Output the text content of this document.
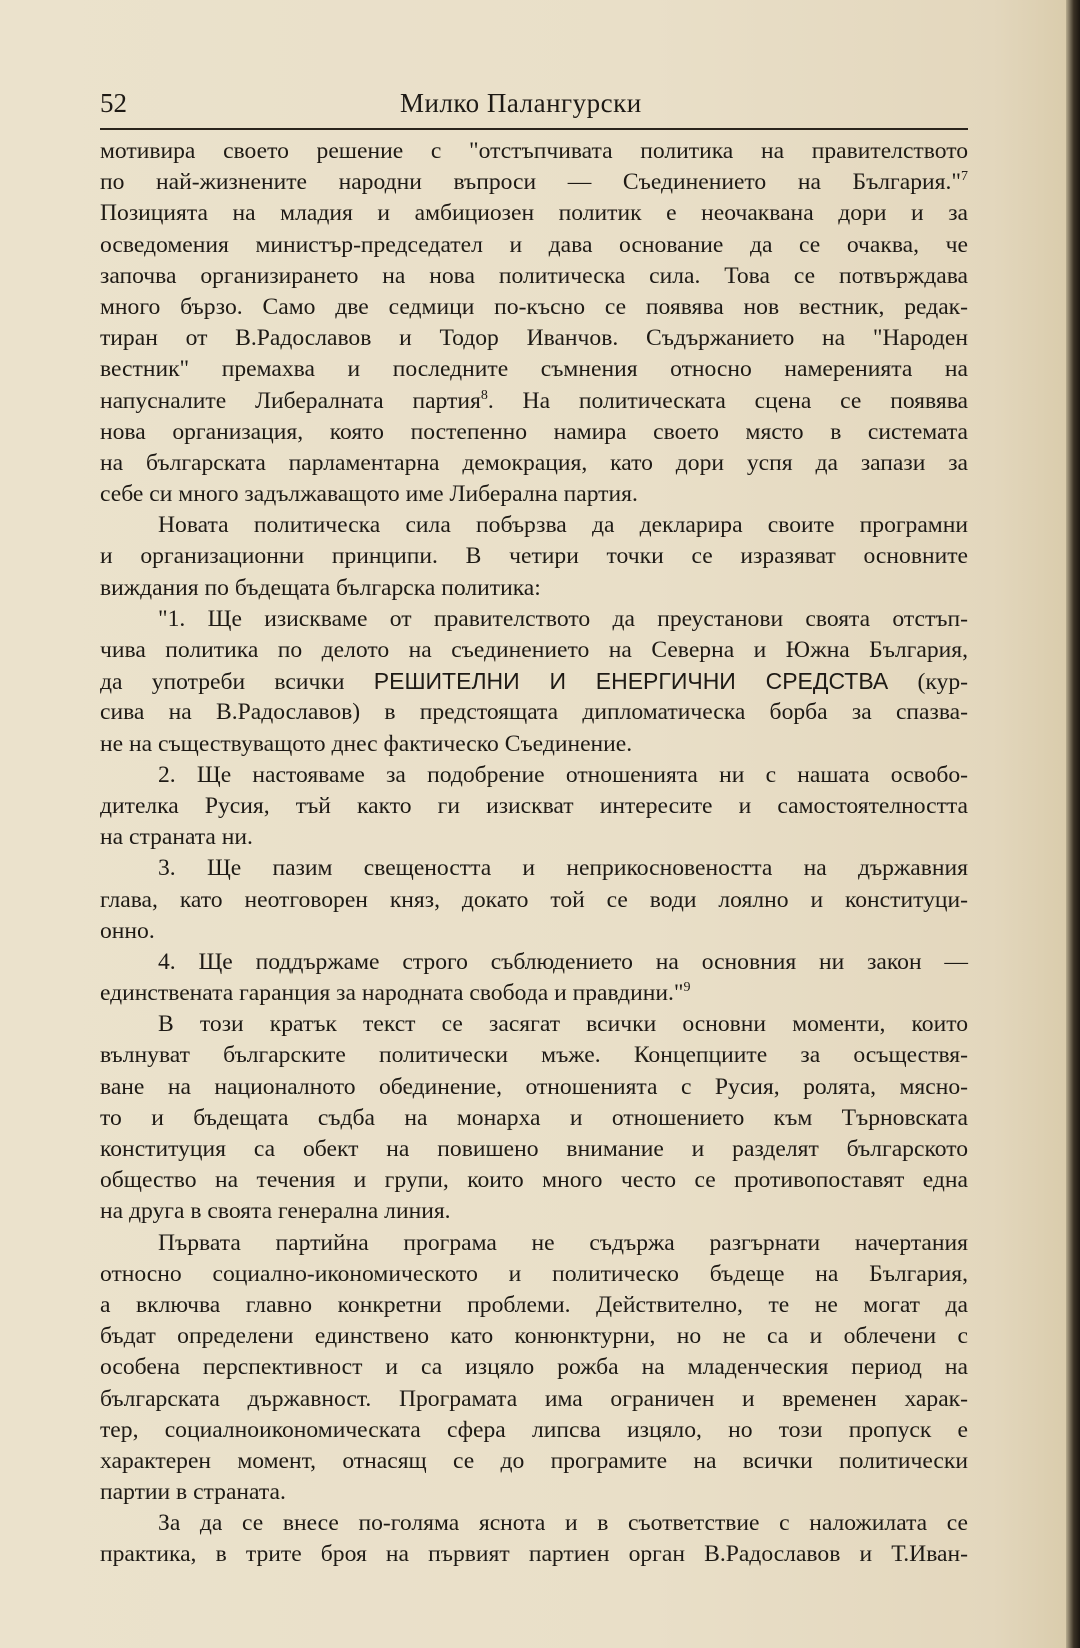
52	Милко Палангурски
мотивира своето решение с "отстъпчивата политика на правителството
по най-жизнените народни въпроси — Съединението на България."$^7$
Позицията на младия и амбициозен политик е неочаквана дори и за
осведомения министър-председател и дава основание да се очаква, че
започва организирането на нова политическа сила. Това се потвърждава
много бързо. Само две седмици по-късно се появява нов вестник, редак-
тиран от В.Радославов и Тодор Иванчов. Съдържанието на "Народен
вестник" премахва и последните съмнения относно намеренията на
напусналите Либералната партия$^8$. На политическата сцена се появява
нова организация, която постепенно намира своето място в системата
на българската парламентарна демокрация, като дори успя да запази за
себе си много задължаващото име Либерална партия.
Новата политическа сила побързва да декларира своите програмни
и организационни принципи. В четири точки се изразяват основните
виждания по бъдещата българска политика:
"1. Ще изискваме от правителството да преустанови своята отстъп-
чива политика по делото на съединението на Северна и Южна България,
да употреби всички РЕШИТЕЛНИ И ЕНЕРГИЧНИ СРЕДСТВА (кур-
сива на В.Радославов) в предстоящата дипломатическа борба за спазва-
не на съществуващото днес фактическо Съединение.
2. Ще настояваме за подобрение отношенията ни с нашата освобо-
дителка Русия, тъй както ги изискват интересите и самостоятелността
на страната ни.
3. Ще пазим свещеността и неприкосновеността на държавния
глава, като неотговорен княз, докато той се води лоялно и конституци-
онно.
4. Ще поддържаме строго съблюдението на основния ни закон —
единствената гаранция за народната свобода и правдини."$^9$
В този кратък текст се засягат всички основни моменти, които
вълнуват българските политически мъже. Концепциите за осъществя-
ване на националното обединение, отношенията с Русия, ролята, мясно-
то и бъдещата съдба на монарха и отношението към Търновската
конституция са обект на повишено внимание и разделят българското
общество на течения и групи, които много често се противопоставят една
на друга в своята генерална линия.
Първата партийна програма не съдържа разгърнати начертания
относно социално-икономическото и политическо бъдеще на България,
а включва главно конкретни проблеми. Действително, те не могат да
бъдат определени единствено като конюнктурни, но не са и облечени с
особена перспективност и са изцяло рожба на младенческия период на
българската държавност. Програмата има ограничен и временен харак-
тер, социалноикономическата сфера липсва изцяло, но този пропуск е
характерен момент, отнасящ се до програмите на всички политически
партии в страната.
За да се внесе по-голяма яснота и в съответствие с наложилата се
практика, в трите броя на първият партиен орган В.Радославов и Т.Иван-
